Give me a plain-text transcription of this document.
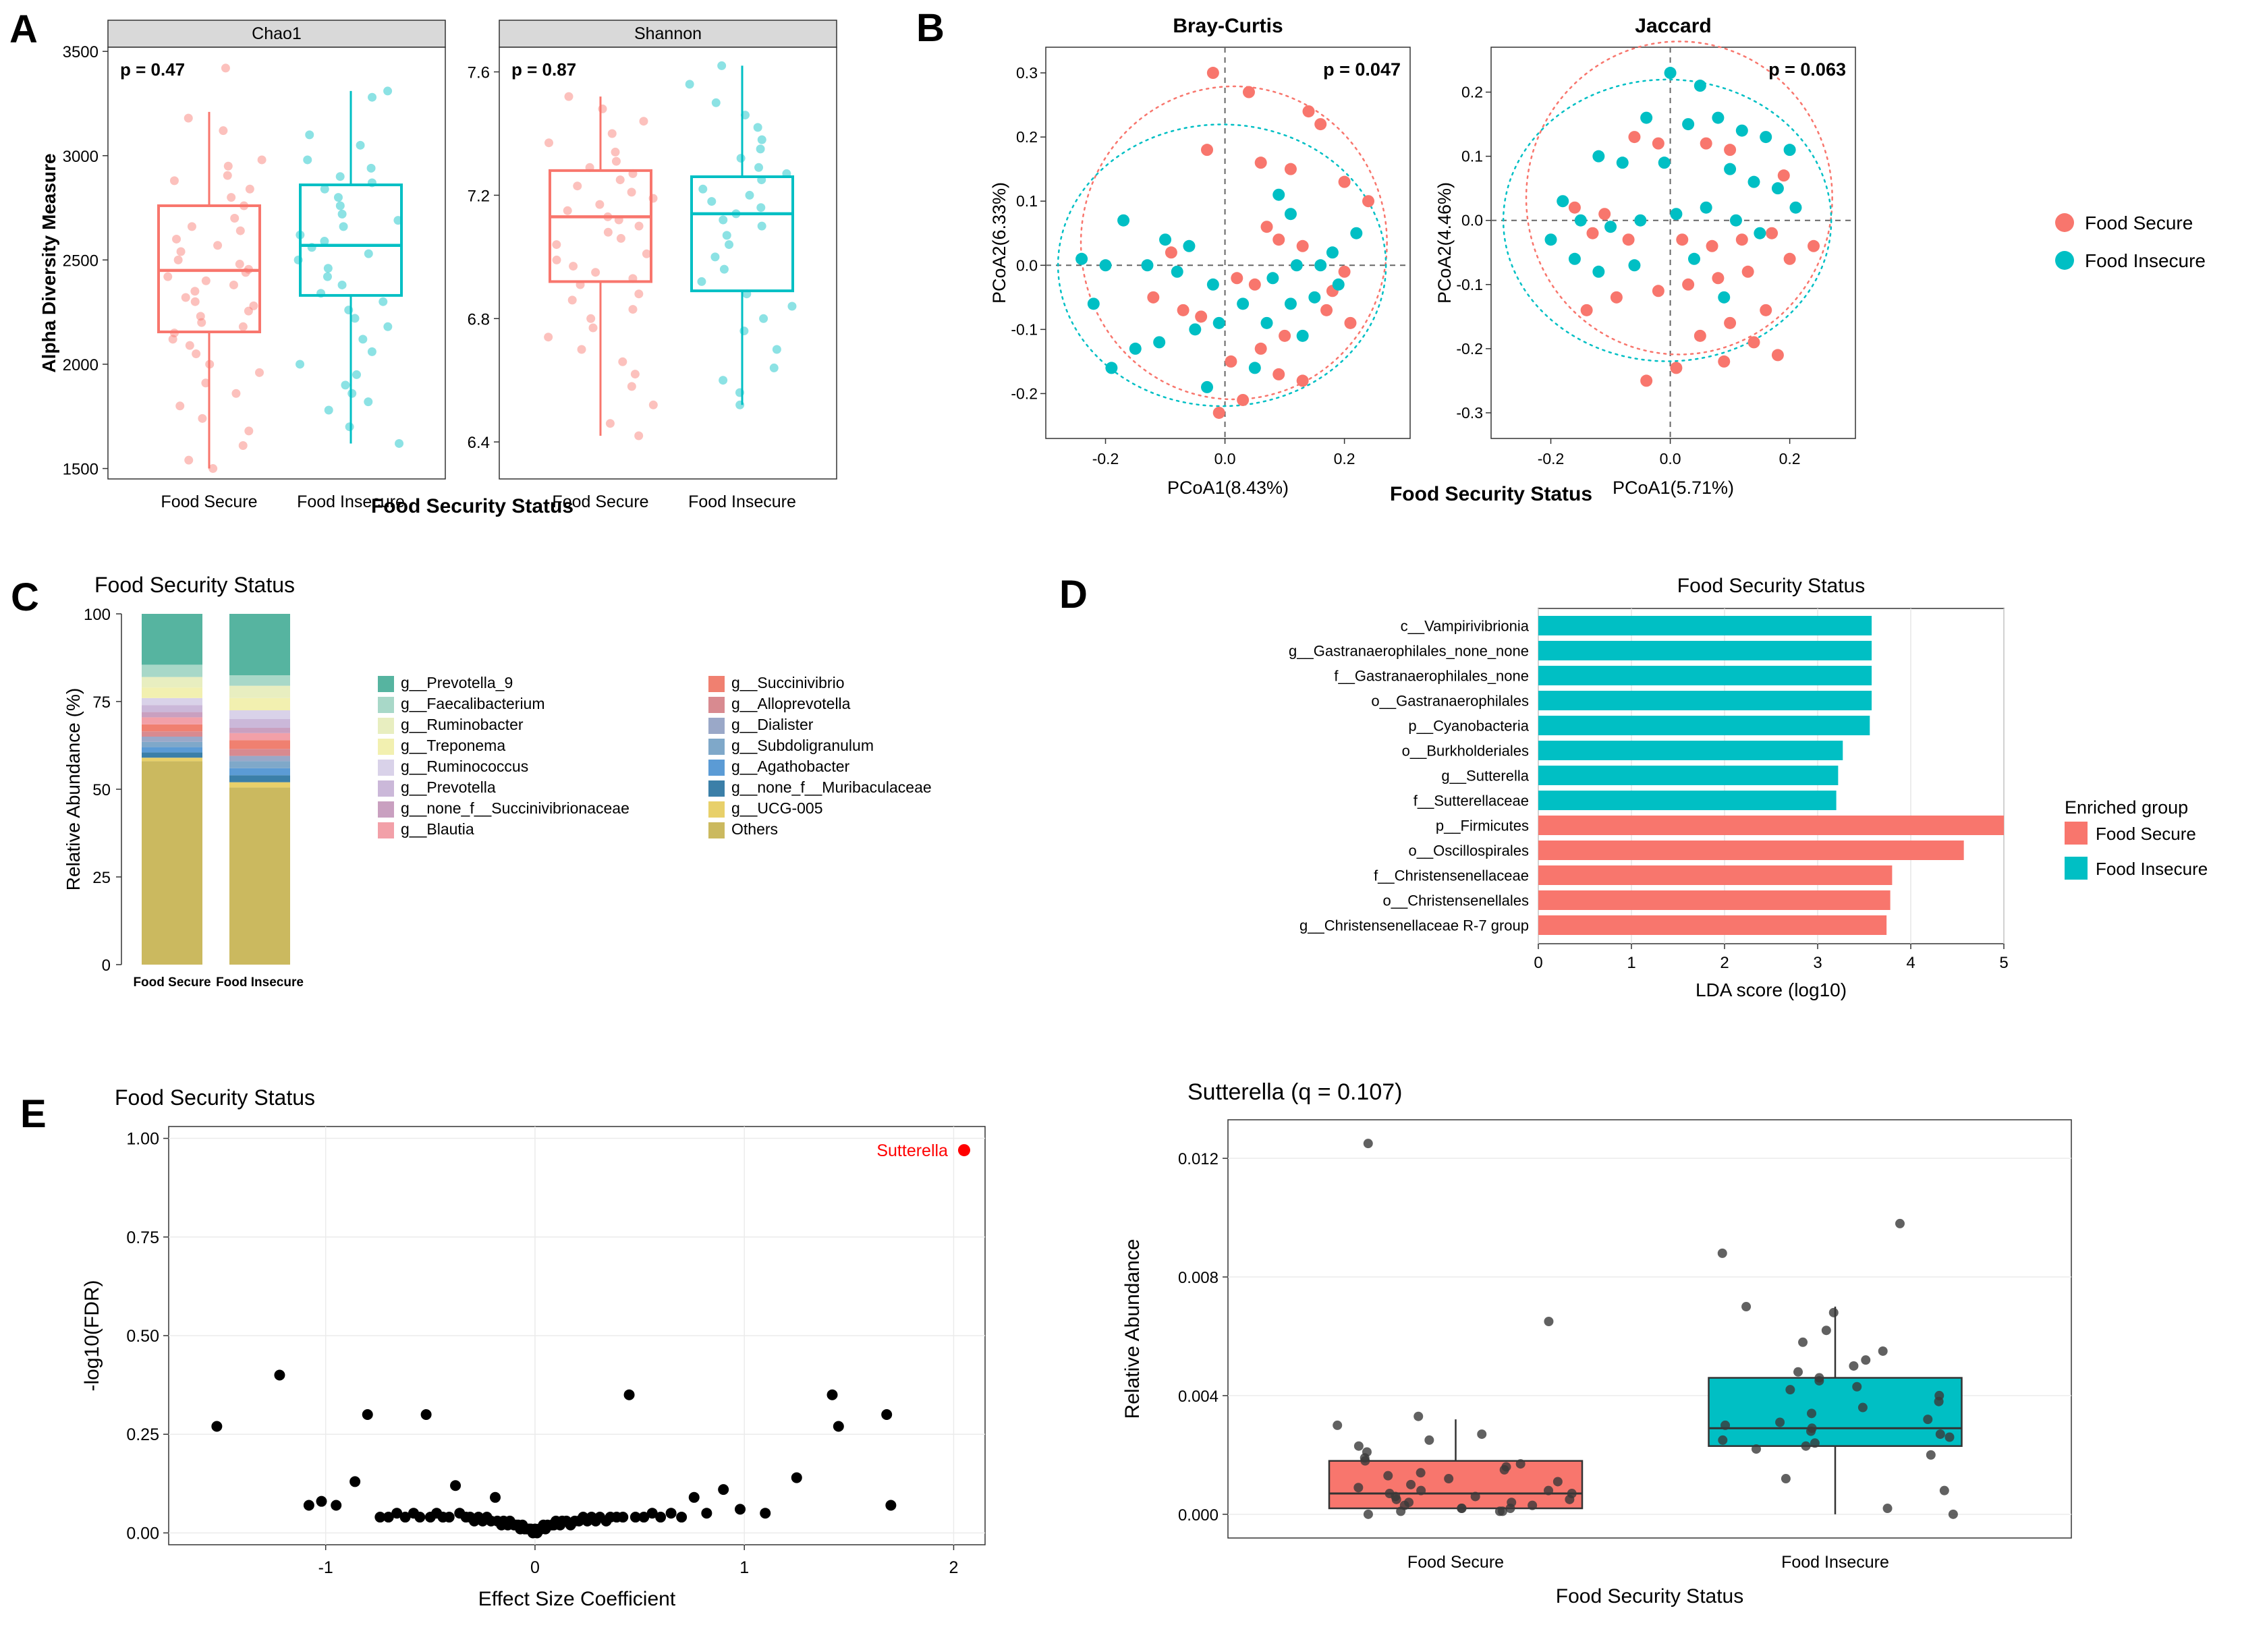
A	B
C	D
E
Chao1
1500
2000
2500
3000
3500
Food Secure Food Insecure
p = 0.47
Shannon
6.4
6.8
7.2
7.6
Food Secure Food Insecure
p = 0.87
Alpha Diversity Measure
Food Security Status
Bray-Curtis
-0.2	0.0	0.2
-0.2
-0.1
0.0
0.1
0.2
0.3	p = 0.047
PCoA1(8.43%)
PCoA2(6.33%)
Jaccard
-0.2	0.0	0.2
-0.3
-0.2
-0.1
0.0
0.1
0.2
p = 0.063
PCoA1(5.71%)
PCoA2(4.46%)
Food Security Status
Food Secure
Food Insecure
Food Security Status
0
25
50
75
100
Food Secure Food Insecure
Relative Abundance (%)
g__Prevotella_9
g__Faecalibacterium
g__Ruminobacter
g__Treponema
g__Ruminococcus
g__Prevotella
g__none_f__Succinivibrionaceae
g__Blautia
g__Succinivibrio
g__Alloprevotella
g__Dialister
g__Subdoligranulum
g__Agathobacter
g__none_f__Muribaculaceae
g__UCG-005
Others
Food Security Status
0	1	2	3	4	5
c__Vampirivibrionia
g__Gastranaerophilales_none_none
f__Gastranaerophilales_none
o__Gastranaerophilales
p__Cyanobacteria
o__Burkholderiales
g__Sutterella
f__Sutterellaceae
p__Firmicutes
o__Oscillospirales
f__Christensenellaceae
o__Christensenellales
g__Christensenellaceae R-7 group
LDA score (log10)
Enriched group
Food Secure
Food Insecure
Food Security Status
0.00
0.25
0.50
0.75
1.00
-1	0	1	2
Sutterella
Effect Size Coefficient
-log10(FDR)
Sutterella (q = 0.107)
0.000
0.004
0.008
0.012
Food Secure	Food Insecure
Food Security Status
Relative Abundance
